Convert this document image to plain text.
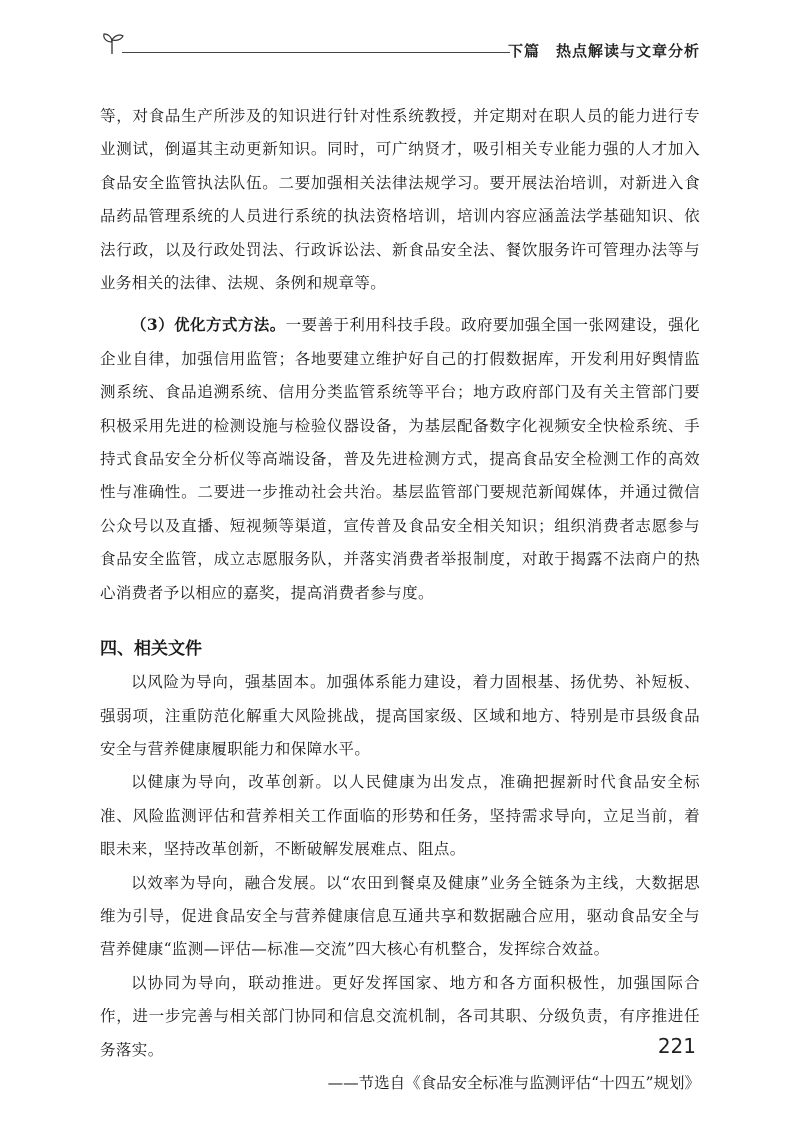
下篇　热点解读与文章分析

等，对食品生产所涉及的知识进行针对性系统教授，并定期对在职人员的能力进行专业测试，倒逼其主动更新知识。同时，可广纳贤才，吸引相关专业能力强的人才加入食品安全监管执法队伍。二要加强相关法律法规学习。要开展法治培训，对新进入食品药品管理系统的人员进行系统的执法资格培训，培训内容应涵盖法学基础知识、依法行政，以及行政处罚法、行政诉讼法、新食品安全法、餐饮服务许可管理办法等与业务相关的法律、法规、条例和规章等。

（3）优化方式方法。一要善于利用科技手段。政府要加强全国一张网建设，强化企业自律，加强信用监管；各地要建立维护好自己的打假数据库，开发利用好舆情监测系统、食品追溯系统、信用分类监管系统等平台；地方政府部门及有关主管部门要积极采用先进的检测设施与检验仪器设备，为基层配备数字化视频安全快检系统、手持式食品安全分析仪等高端设备，普及先进检测方式，提高食品安全检测工作的高效性与准确性。二要进一步推动社会共治。基层监管部门要规范新闻媒体，并通过微信公众号以及直播、短视频等渠道，宣传普及食品安全相关知识；组织消费者志愿参与食品安全监管，成立志愿服务队，并落实消费者举报制度，对敢于揭露不法商户的热心消费者予以相应的嘉奖，提高消费者参与度。

四、相关文件

以风险为导向，强基固本。加强体系能力建设，着力固根基、扬优势、补短板、强弱项，注重防范化解重大风险挑战，提高国家级、区域和地方、特别是市县级食品安全与营养健康履职能力和保障水平。

以健康为导向，改革创新。以人民健康为出发点，准确把握新时代食品安全标准、风险监测评估和营养相关工作面临的形势和任务，坚持需求导向，立足当前，着眼未来，坚持改革创新，不断破解发展难点、阻点。

以效率为导向，融合发展。以“农田到餐桌及健康”业务全链条为主线，大数据思维为引导，促进食品安全与营养健康信息互通共享和数据融合应用，驱动食品安全与营养健康“监测—评估—标准—交流”四大核心有机整合，发挥综合效益。

以协同为导向，联动推进。更好发挥国家、地方和各方面积极性，加强国际合作，进一步完善与相关部门协同和信息交流机制，各司其职、分级负责，有序推进任务落实。

——节选自《食品安全标准与监测评估“十四五”规划》

221
